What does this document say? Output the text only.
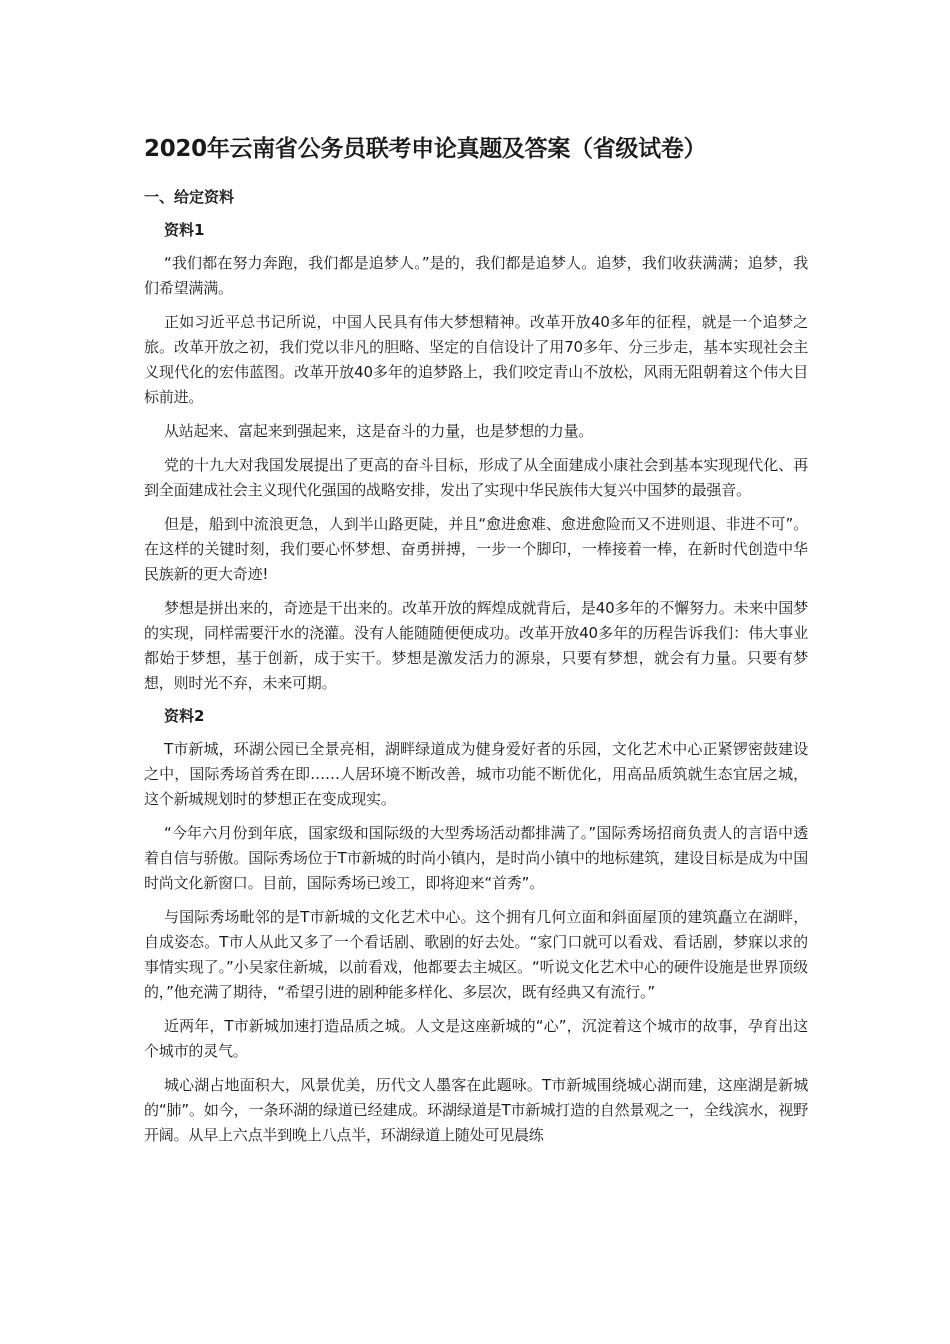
2020年云南省公务员联考申论真题及答案（省级试卷）
一、给定资料
资料1

“我们都在努力奔跑，我们都是追梦人。”是的，我们都是追梦人。追梦，我们收获满满；追梦，我们希望满满。

正如习近平总书记所说，中国人民具有伟大梦想精神。改革开放40多年的征程，就是一个追梦之旅。改革开放之初，我们党以非凡的胆略、坚定的自信设计了用70多年、分三步走，基本实现社会主义现代化的宏伟蓝图。改革开放40多年的追梦路上，我们咬定青山不放松，风雨无阻朝着这个伟大目标前进。

从站起来、富起来到强起来，这是奋斗的力量，也是梦想的力量。

党的十九大对我国发展提出了更高的奋斗目标，形成了从全面建成小康社会到基本实现现代化、再到全面建成社会主义现代化强国的战略安排，发出了实现中华民族伟大复兴中国梦的最强音。

但是，船到中流浪更急，人到半山路更陡，并且“愈进愈难、愈进愈险而又不进则退、非进不可”。在这样的关键时刻，我们要心怀梦想、奋勇拼搏，一步一个脚印，一棒接着一棒，在新时代创造中华民族新的更大奇迹!

梦想是拼出来的，奇迹是干出来的。改革开放的辉煌成就背后，是40多年的不懈努力。未来中国梦的实现，同样需要汗水的浇灌。没有人能随随便便成功。改革开放40多年的历程告诉我们：伟大事业都始于梦想，基于创新，成于实干。梦想是激发活力的源泉，只要有梦想，就会有力量。只要有梦想，则时光不弃，未来可期。

资料2

T市新城，环湖公园已全景亮相，湖畔绿道成为健身爱好者的乐园，文化艺术中心正紧锣密鼓建设之中，国际秀场首秀在即……人居环境不断改善，城市功能不断优化，用高品质筑就生态宜居之城，这个新城规划时的梦想正在变成现实。

“今年六月份到年底，国家级和国际级的大型秀场活动都排满了。”国际秀场招商负责人的言语中透着自信与骄傲。国际秀场位于T市新城的时尚小镇内，是时尚小镇中的地标建筑，建设目标是成为中国时尚文化新窗口。目前，国际秀场已竣工，即将迎来“首秀”。

与国际秀场毗邻的是T市新城的文化艺术中心。这个拥有几何立面和斜面屋顶的建筑矗立在湖畔，自成姿态。T市人从此又多了一个看话剧、歌剧的好去处。“家门口就可以看戏、看话剧，梦寐以求的事情实现了。”小吴家住新城，以前看戏，他都要去主城区。“听说文化艺术中心的硬件设施是世界顶级的，”他充满了期待，“希望引进的剧种能多样化、多层次，既有经典又有流行。”

近两年，T市新城加速打造品质之城。人文是这座新城的“心”，沉淀着这个城市的故事，孕育出这个城市的灵气。

城心湖占地面积大，风景优美，历代文人墨客在此题咏。T市新城围绕城心湖而建，这座湖是新城的“肺”。如今，一条环湖的绿道已经建成。环湖绿道是T市新城打造的自然景观之一，全线滨水，视野开阔。从早上六点半到晚上八点半，环湖绿道上随处可见晨练
